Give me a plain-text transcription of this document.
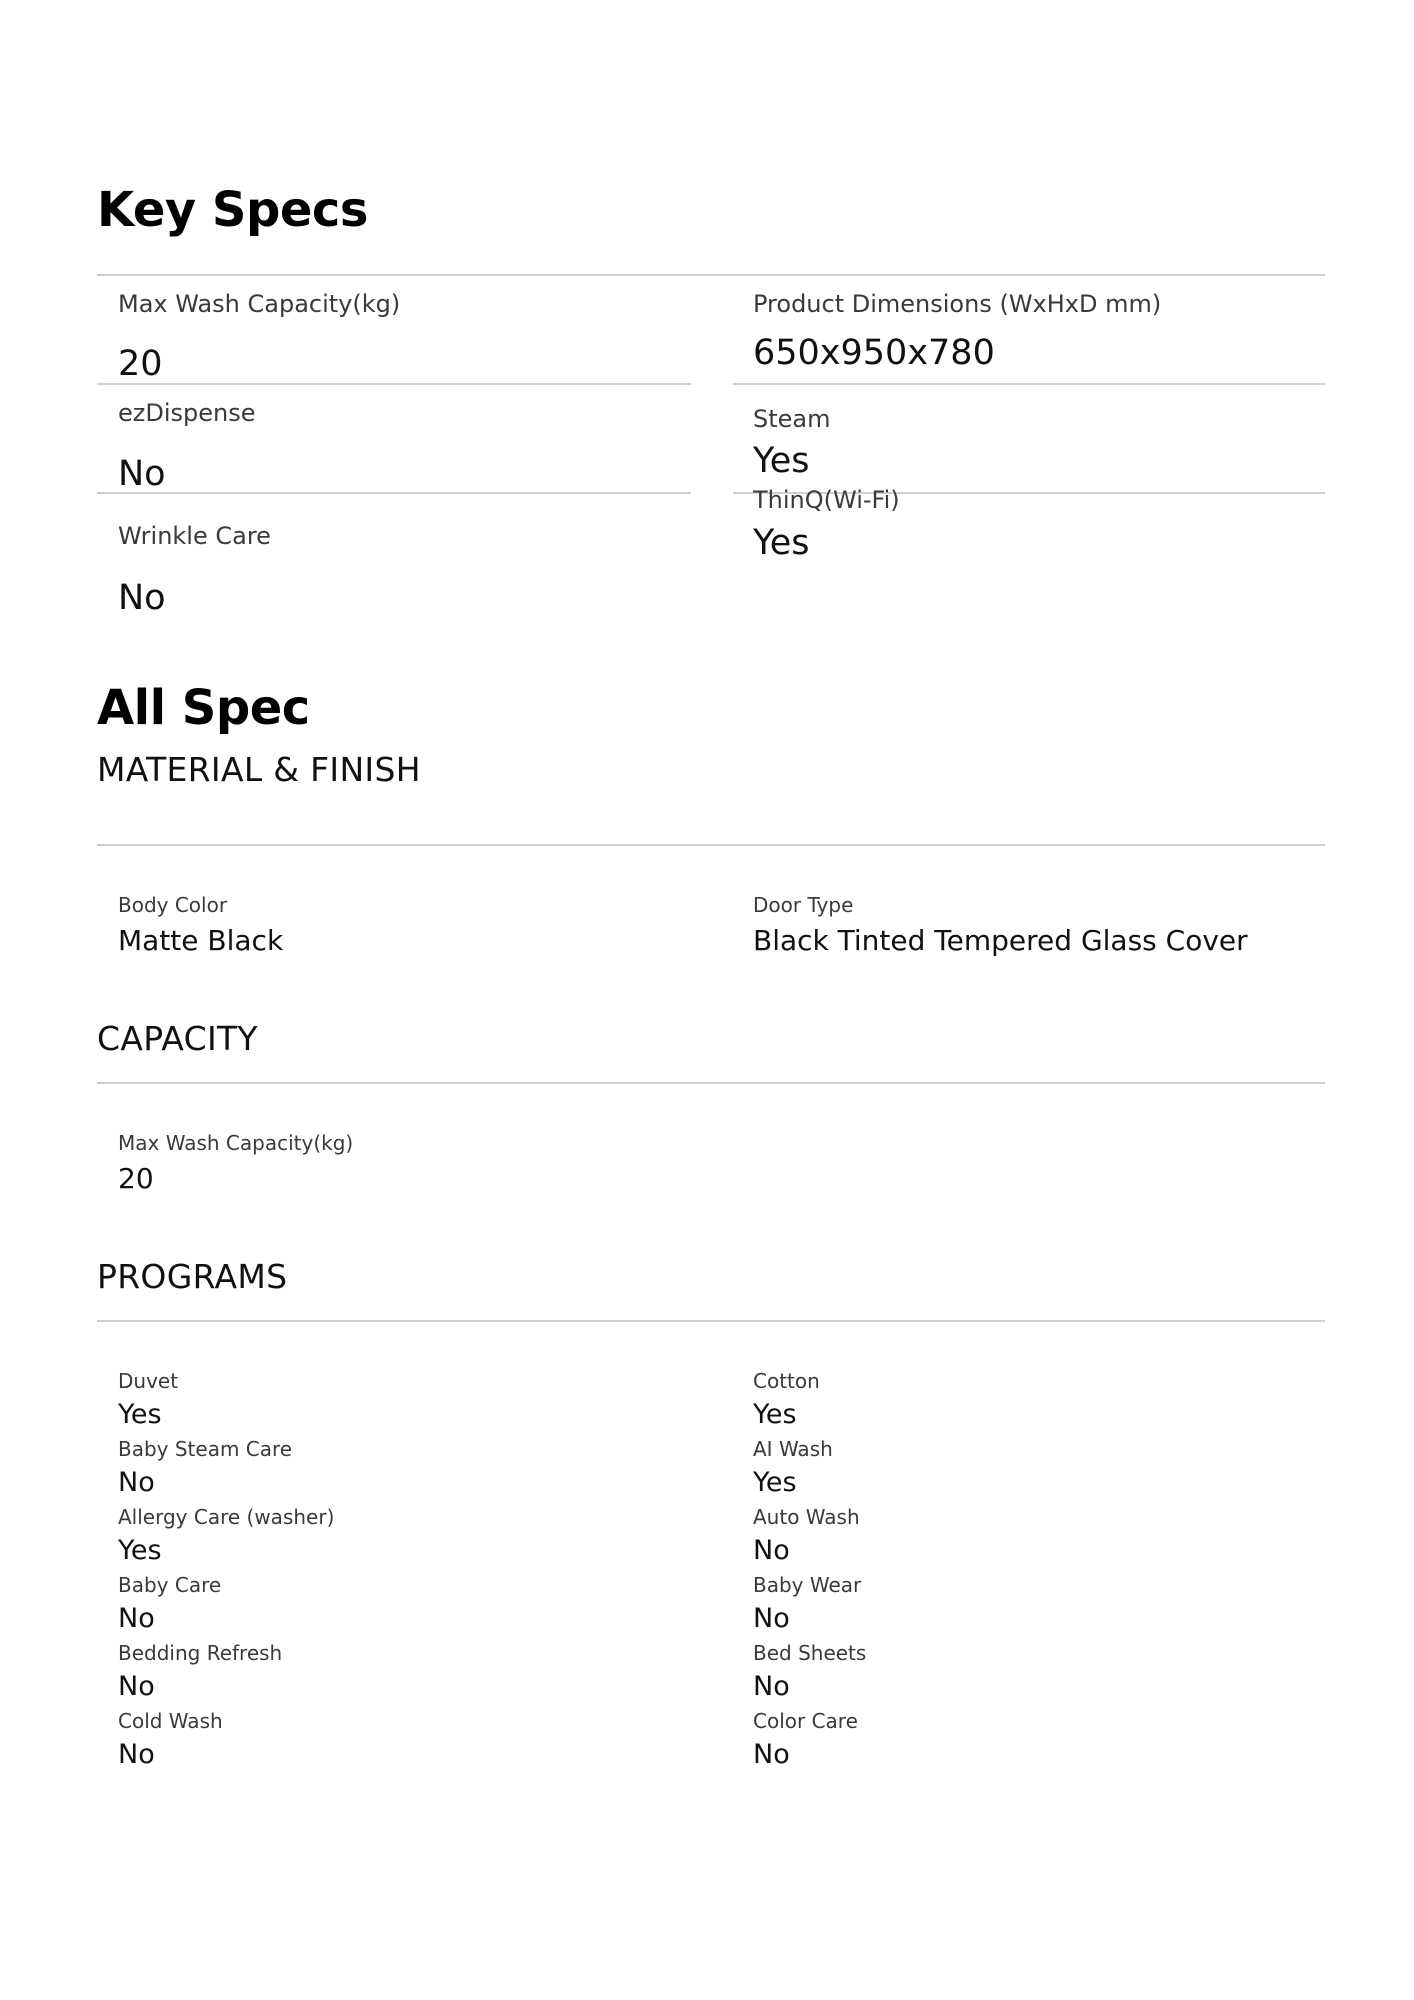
Key Specs
Max Wash Capacity(kg)
20
Product Dimensions (WxHxD mm)
650x950x780
ezDispense
No
Steam
Yes
ThinQ(Wi-Fi)
Yes
Wrinkle Care
No
All Spec
MATERIAL & FINISH
Body Color
Matte Black
Door Type
Black Tinted Tempered Glass Cover
CAPACITY
Max Wash Capacity(kg)
20
PROGRAMS
Duvet
Yes
Baby Steam Care
No
Allergy Care (washer)
Yes
Baby Care
No
Bedding Refresh
No
Cold Wash
No
Cotton
Yes
AI Wash
Yes
Auto Wash
No
Baby Wear
No
Bed Sheets
No
Color Care
No
